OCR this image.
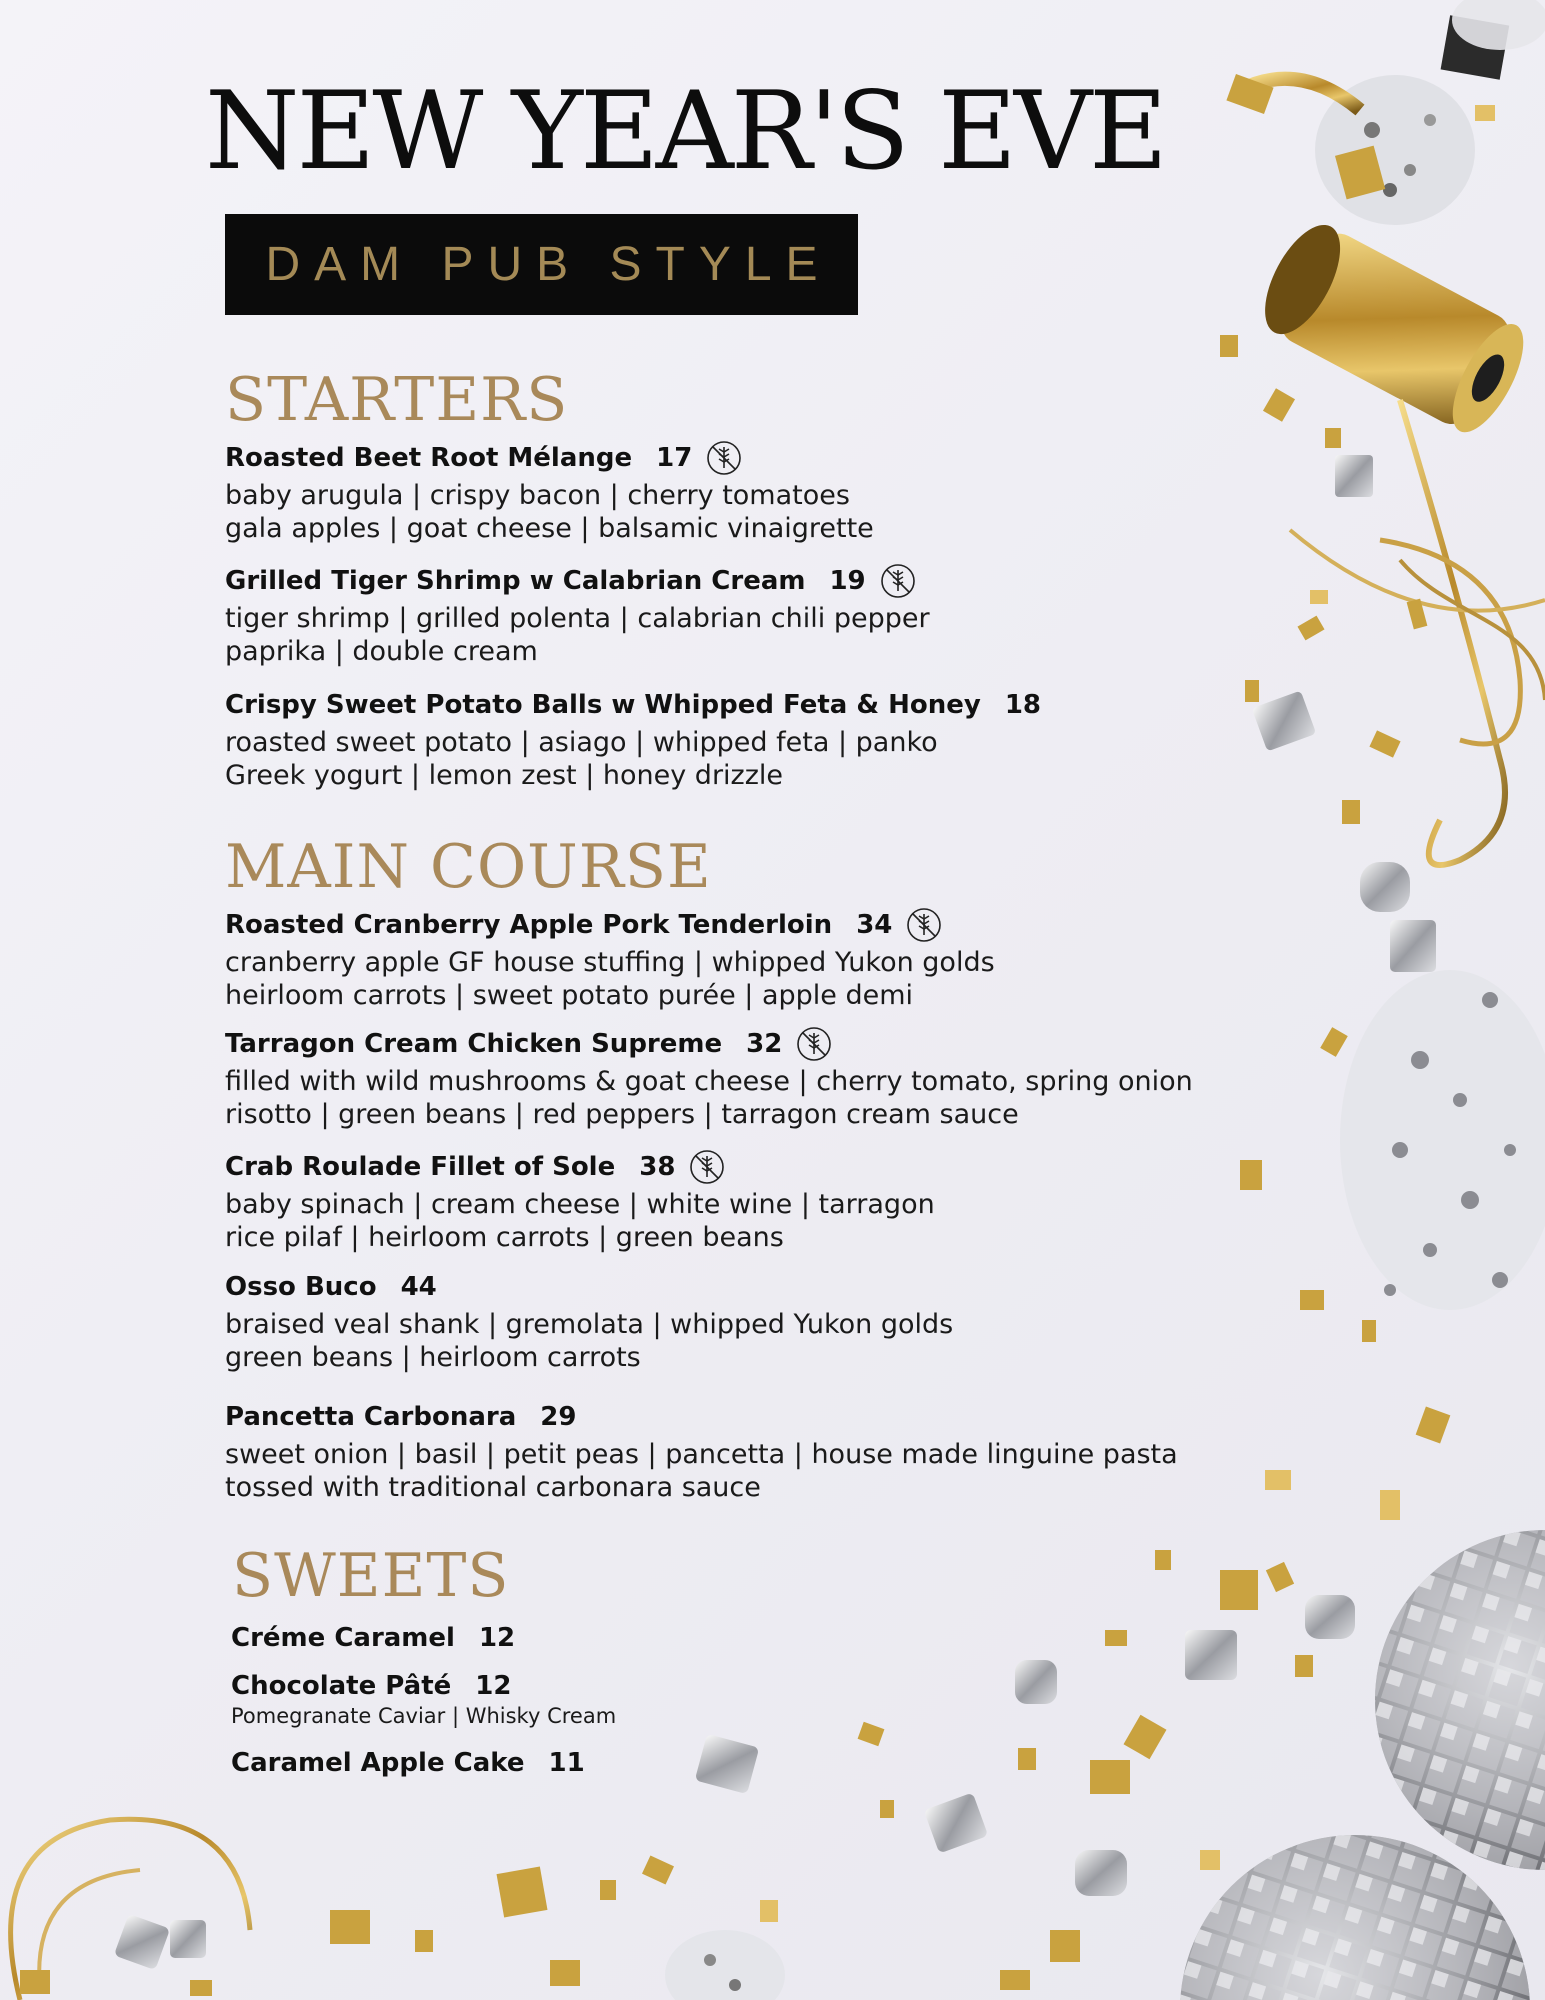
NEW YEAR'S EVE
DAM PUB STYLE
STARTERS
Roasted Beet Root Mélange 17
baby arugula | crispy bacon | cherry tomatoes
gala apples | goat cheese | balsamic vinaigrette
Grilled Tiger Shrimp w Calabrian Cream 19
tiger shrimp | grilled polenta | calabrian chili pepper
paprika | double cream
Crispy Sweet Potato Balls w Whipped Feta & Honey 18
roasted sweet potato | asiago | whipped feta | panko
Greek yogurt | lemon zest | honey drizzle
MAIN COURSE
Roasted Cranberry Apple Pork Tenderloin 34
cranberry apple GF house stuffing | whipped Yukon golds
heirloom carrots | sweet potato purée | apple demi
Tarragon Cream Chicken Supreme 32
filled with wild mushrooms & goat cheese | cherry tomato, spring onion
risotto | green beans | red peppers | tarragon cream sauce
Crab Roulade Fillet of Sole 38
baby spinach | cream cheese | white wine | tarragon
rice pilaf | heirloom carrots | green beans
Osso Buco 44
braised veal shank | gremolata | whipped Yukon golds
green beans | heirloom carrots
Pancetta Carbonara 29
sweet onion | basil | petit peas | pancetta | house made linguine pasta
tossed with traditional carbonara sauce
SWEETS
Créme Caramel 12
Chocolate Pâté 12
Pomegranate Caviar | Whisky Cream
Caramel Apple Cake 11
